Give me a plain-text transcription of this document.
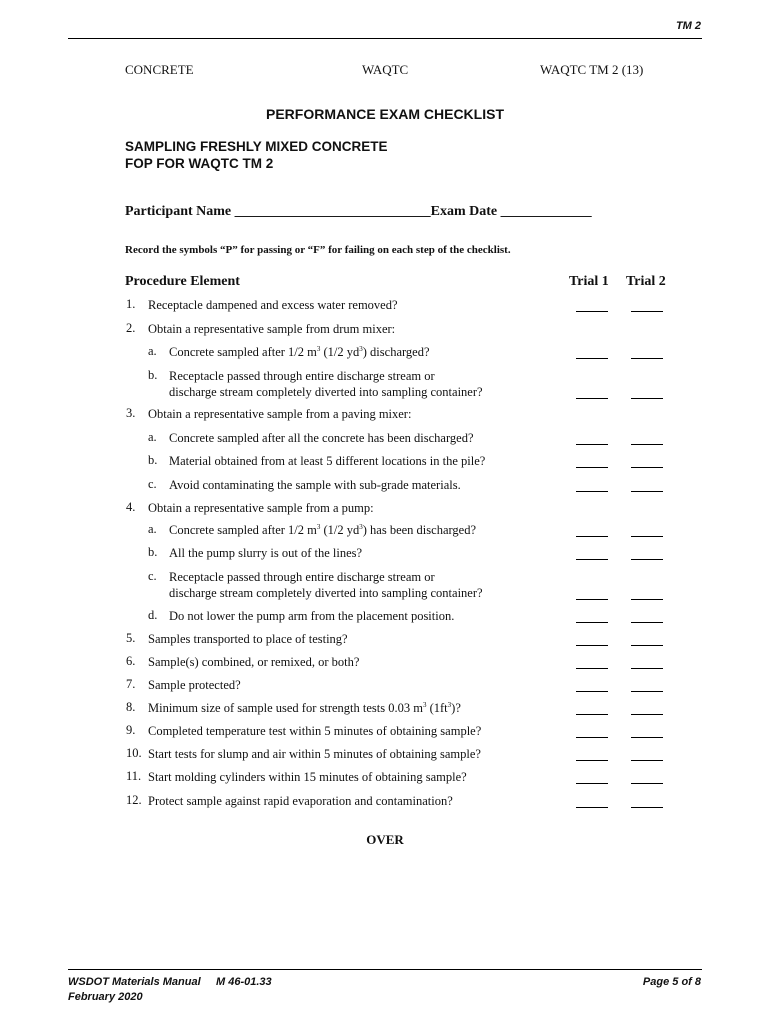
TM 2
CONCRETE	WAQTC	WAQTC TM 2 (13)
PERFORMANCE EXAM CHECKLIST
SAMPLING FRESHLY MIXED CONCRETE
FOP FOR WAQTC TM 2
Participant Name ____________________________Exam Date _____________
Record the symbols “P” for passing or “F” for failing on each step of the checklist.
Procedure Element	Trial 1 Trial 2
1. Receptacle dampened and excess water removed?
2. Obtain a representative sample from drum mixer:
a. Concrete sampled after 1/2 $m^3$ (1/2 $yd^3$) discharged?
b. Receptacle passed through entire discharge stream or
discharge stream completely diverted into sampling container?
3. Obtain a representative sample from a paving mixer:
a. Concrete sampled after all the concrete has been discharged?
b. Material obtained from at least 5 different locations in the pile?
c. Avoid contaminating the sample with sub-grade materials.
4. Obtain a representative sample from a pump:
a. Concrete sampled after 1/2 $m^3$ (1/2 $yd^3$) has been discharged?
b. All the pump slurry is out of the lines?
c. Receptacle passed through entire discharge stream or
discharge stream completely diverted into sampling container?
d. Do not lower the pump arm from the placement position.
5. Samples transported to place of testing?
6. Sample(s) combined, or remixed, or both?
7. Sample protected?
8. Minimum size of sample used for strength tests 0.03 $m^3$ $(1ft^3)$?
9. Completed temperature test within 5 minutes of obtaining sample?
10. Start tests for slump and air within 5 minutes of obtaining sample?
11. Start molding cylinders within 15 minutes of obtaining sample?
12. Protect sample against rapid evaporation and contamination?
OVER
WSDOT Materials Manual M 46-01.33
February 2020
Page 5 of 8
